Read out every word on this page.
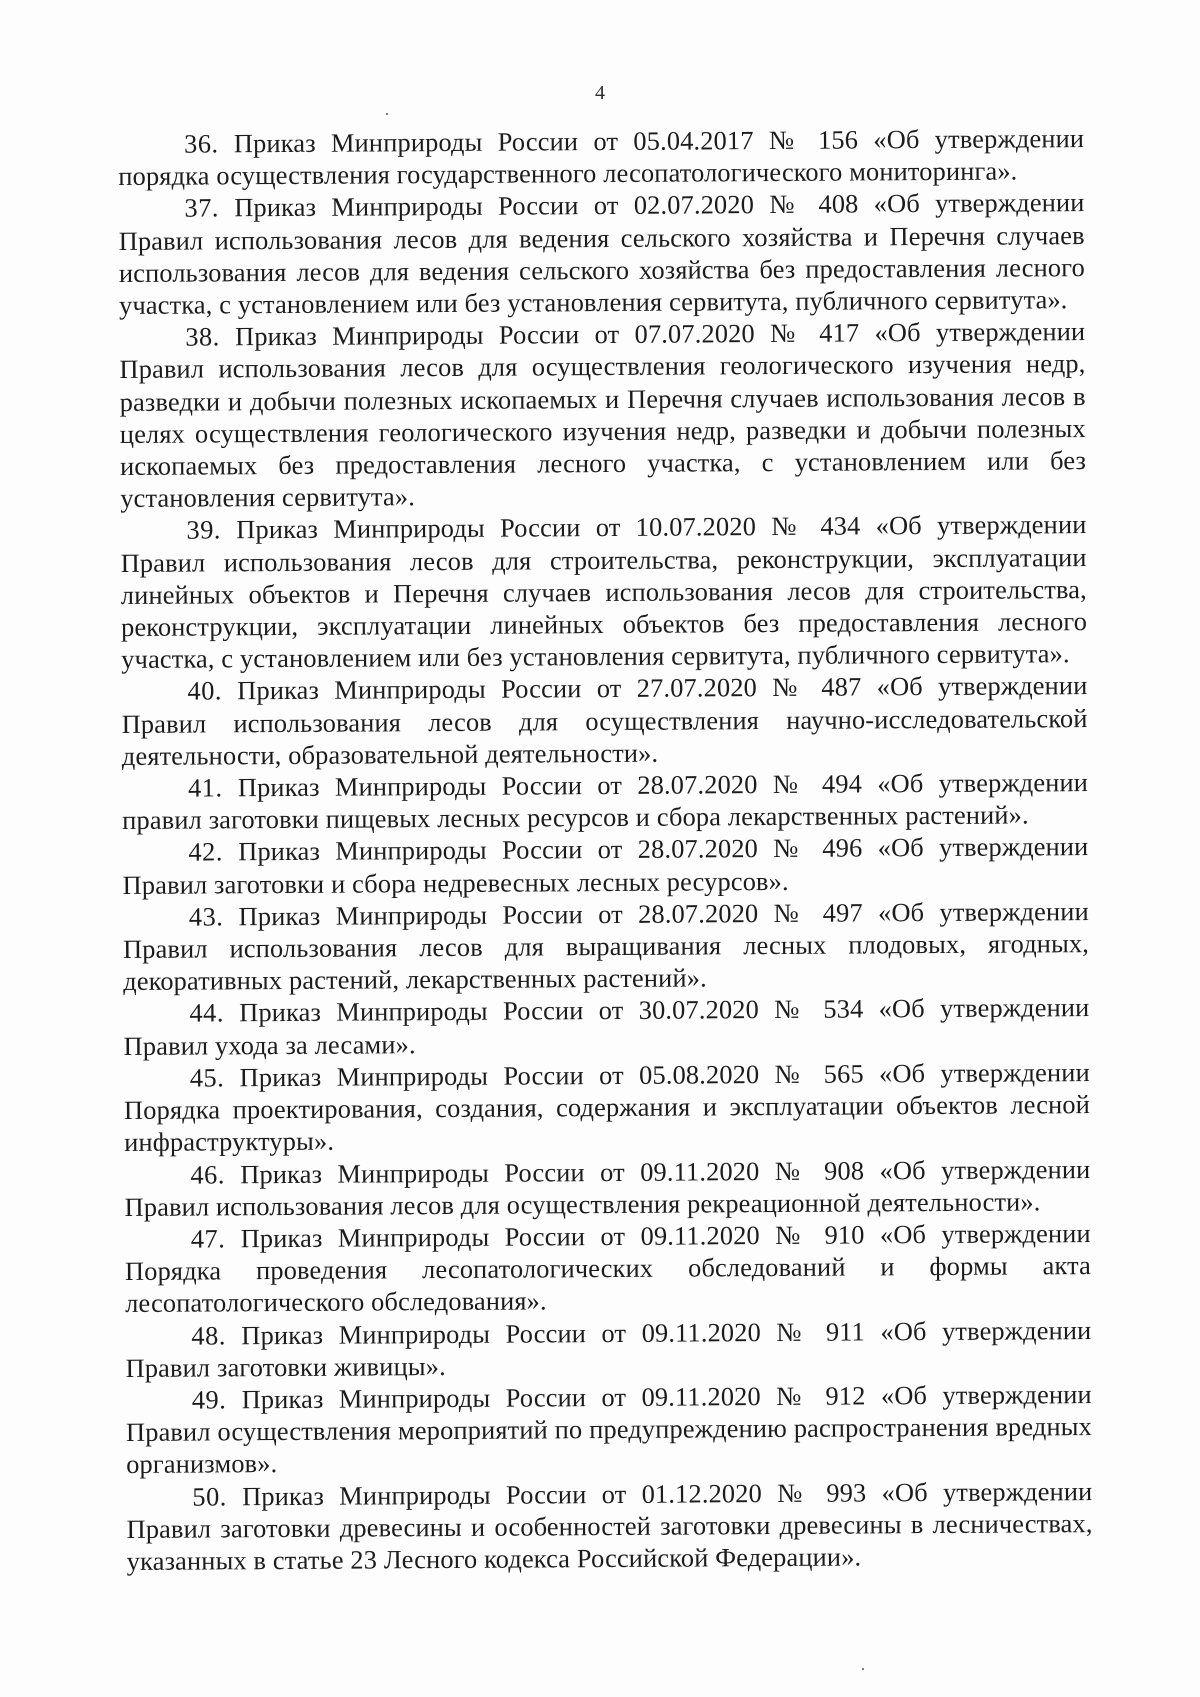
4

36. Приказ Минприроды России от 05.04.2017 № 156 «Об утверждении порядка осуществления государственного лесопатологического мониторинга».

37. Приказ Минприроды России от 02.07.2020 № 408 «Об утверждении Правил использования лесов для ведения сельского хозяйства и Перечня случаев использования лесов для ведения сельского хозяйства без предоставления лесного участка, с установлением или без установления сервитута, публичного сервитута».

38. Приказ Минприроды России от 07.07.2020 № 417 «Об утверждении Правил использования лесов для осуществления геологического изучения недр, разведки и добычи полезных ископаемых и Перечня случаев использования лесов в целях осуществления геологического изучения недр, разведки и добычи полезных ископаемых без предоставления лесного участка, с установлением или без установления сервитута».

39. Приказ Минприроды России от 10.07.2020 № 434 «Об утверждении Правил использования лесов для строительства, реконструкции, эксплуатации линейных объектов и Перечня случаев использования лесов для строительства, реконструкции, эксплуатации линейных объектов без предоставления лесного участка, с установлением или без установления сервитута, публичного сервитута».

40. Приказ Минприроды России от 27.07.2020 № 487 «Об утверждении Правил использования лесов для осуществления научно-исследовательской деятельности, образовательной деятельности».

41. Приказ Минприроды России от 28.07.2020 № 494 «Об утверждении правил заготовки пищевых лесных ресурсов и сбора лекарственных растений».

42. Приказ Минприроды России от 28.07.2020 № 496 «Об утверждении Правил заготовки и сбора недревесных лесных ресурсов».

43. Приказ Минприроды России от 28.07.2020 № 497 «Об утверждении Правил использования лесов для выращивания лесных плодовых, ягодных, декоративных растений, лекарственных растений».

44. Приказ Минприроды России от 30.07.2020 № 534 «Об утверждении Правил ухода за лесами».

45. Приказ Минприроды России от 05.08.2020 № 565 «Об утверждении Порядка проектирования, создания, содержания и эксплуатации объектов лесной инфраструктуры».

46. Приказ Минприроды России от 09.11.2020 № 908 «Об утверждении Правил использования лесов для осуществления рекреационной деятельности».

47. Приказ Минприроды России от 09.11.2020 № 910 «Об утверждении Порядка проведения лесопатологических обследований и формы акта лесопатологического обследования».

48. Приказ Минприроды России от 09.11.2020 № 911 «Об утверждении Правил заготовки живицы».

49. Приказ Минприроды России от 09.11.2020 № 912 «Об утверждении Правил осуществления мероприятий по предупреждению распространения вредных организмов».

50. Приказ Минприроды России от 01.12.2020 № 993 «Об утверждении Правил заготовки древесины и особенностей заготовки древесины в лесничествах, указанных в статье 23 Лесного кодекса Российской Федерации».
